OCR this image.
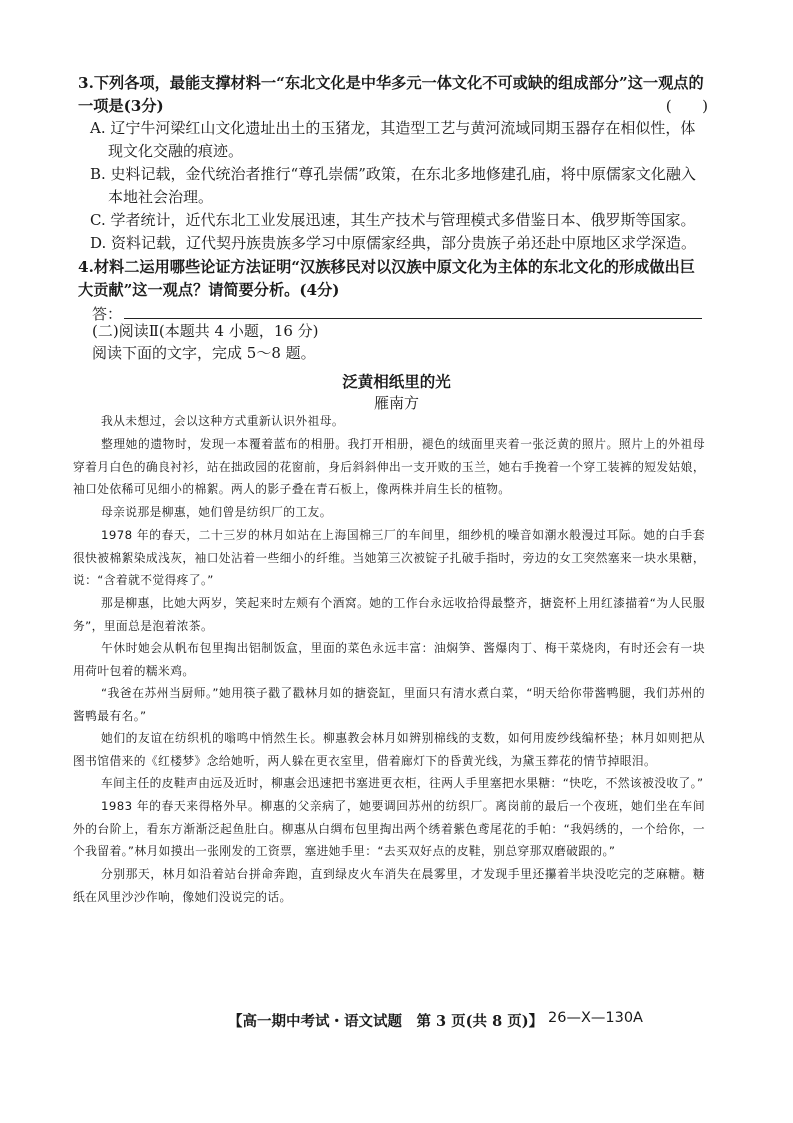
3.下列各项，最能支撑材料一“东北文化是中华多元一体文化不可或缺的组成部分”这一观点的一项是(3分)	(　　)
A. 辽宁牛河梁红山文化遗址出土的玉猪龙，其造型工艺与黄河流域同期玉器存在相似性，体现文化交融的痕迹。
B. 史料记载，金代统治者推行“尊孔崇儒”政策，在东北多地修建孔庙，将中原儒家文化融入本地社会治理。
C. 学者统计，近代东北工业发展迅速，其生产技术与管理模式多借鉴日本、俄罗斯等国家。
D. 资料记载，辽代契丹族贵族多学习中原儒家经典，部分贵族子弟还赴中原地区求学深造。
4.材料二运用哪些论证方法证明“汉族移民对以汉族中原文化为主体的东北文化的形成做出巨大贡献”这一观点？请简要分析。(4分)
答：
(二)阅读Ⅱ(本题共 4 小题，16 分)
阅读下面的文字，完成 5～8 题。
泛黄相纸里的光
雁南方

我从未想过，会以这种方式重新认识外祖母。

整理她的遗物时，发现一本覆着蓝布的相册。我打开相册，褪色的绒面里夹着一张泛黄的照片。照片上的外祖母穿着月白色的确良衬衫，站在拙政园的花窗前，身后斜斜伸出一支开败的玉兰，她右手挽着一个穿工装裤的短发姑娘，袖口处依稀可见细小的棉絮。两人的影子叠在青石板上，像两株并肩生长的植物。

母亲说那是柳惠，她们曾是纺织厂的工友。

1978 年的春天，二十三岁的林月如站在上海国棉三厂的车间里，细纱机的噪音如潮水般漫过耳际。她的白手套很快被棉絮染成浅灰，袖口处沾着一些细小的纤维。当她第三次被锭子扎破手指时，旁边的女工突然塞来一块水果糖，说：“含着就不觉得疼了。”

那是柳惠，比她大两岁，笑起来时左颊有个酒窝。她的工作台永远收拾得最整齐，搪瓷杯上用红漆描着“为人民服务”，里面总是泡着浓茶。

午休时她会从帆布包里掏出铝制饭盒，里面的菜色永远丰富：油焖笋、酱爆肉丁、梅干菜烧肉，有时还会有一块用荷叶包着的糯米鸡。

“我爸在苏州当厨师。”她用筷子戳了戳林月如的搪瓷缸，里面只有清水煮白菜，“明天给你带酱鸭腿，我们苏州的酱鸭最有名。”

她们的友谊在纺织机的嗡鸣中悄然生长。柳惠教会林月如辨别棉线的支数，如何用废纱线编杯垫；林月如则把从图书馆借来的《红楼梦》念给她听，两人躲在更衣室里，借着廊灯下的昏黄光线，为黛玉葬花的情节掉眼泪。

车间主任的皮鞋声由远及近时，柳惠会迅速把书塞进更衣柜，往两人手里塞把水果糖：“快吃，不然该被没收了。”

1983 年的春天来得格外早。柳惠的父亲病了，她要调回苏州的纺织厂。离岗前的最后一个夜班，她们坐在车间外的台阶上，看东方渐渐泛起鱼肚白。柳惠从白绸布包里掏出两个绣着紫色鸢尾花的手帕：“我妈绣的，一个给你，一个我留着。”林月如摸出一张刚发的工资票，塞进她手里：“去买双好点的皮鞋，别总穿那双磨破跟的。”

【高一期中考试・语文试题　第 3 页(共 8 页)】 26—X—130A

分别那天，林月如沿着站台拼命奔跑，直到绿皮火车消失在晨雾里，才发现手里还攥着半块没吃完的芝麻糖。糖纸在风里沙沙作响，像她们没说完的话。
